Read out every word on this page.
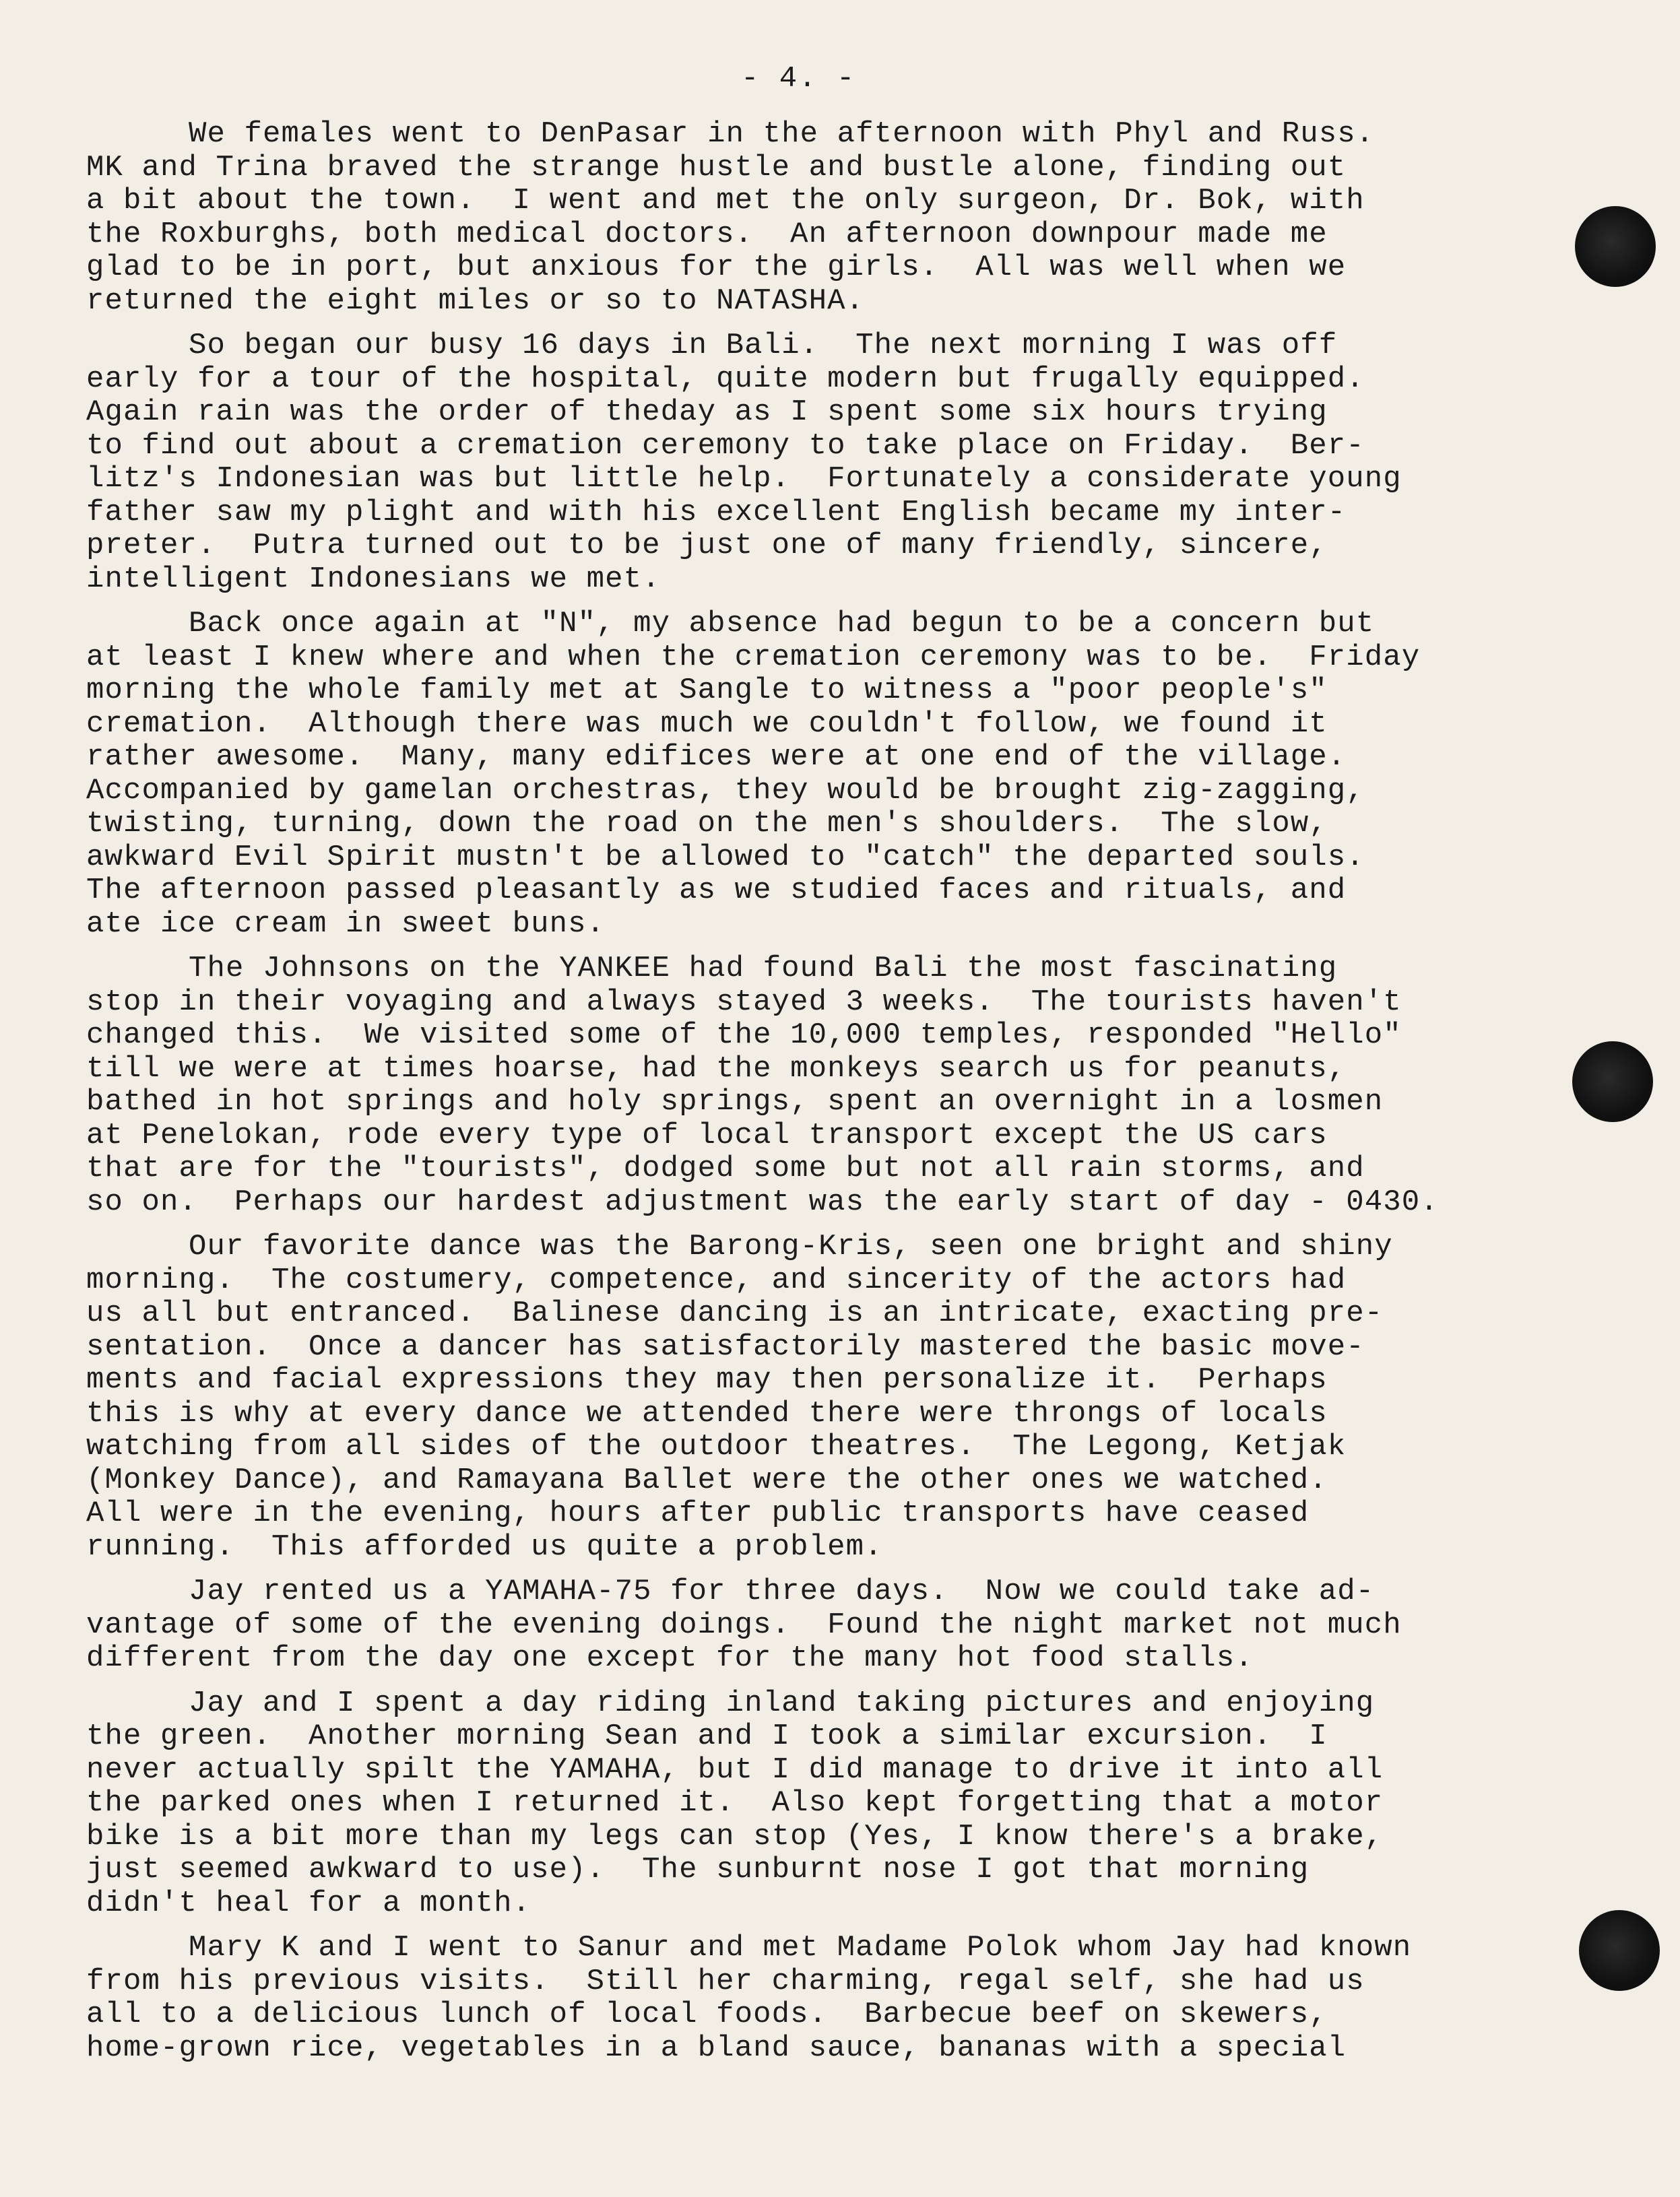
- 4. -
We females went to DenPasar in the afternoon with Phyl and Russ.
MK and Trina braved the strange hustle and bustle alone, finding out
a bit about the town.  I went and met the only surgeon, Dr. Bok, with
the Roxburghs, both medical doctors.  An afternoon downpour made me
glad to be in port, but anxious for the girls.  All was well when we
returned the eight miles or so to NATASHA.
So began our busy 16 days in Bali.  The next morning I was off
early for a tour of the hospital, quite modern but frugally equipped.
Again rain was the order of theday as I spent some six hours trying
to find out about a cremation ceremony to take place on Friday.  Ber-
litz's Indonesian was but little help.  Fortunately a considerate young
father saw my plight and with his excellent English became my inter-
preter.  Putra turned out to be just one of many friendly, sincere,
intelligent Indonesians we met.
Back once again at "N", my absence had begun to be a concern but
at least I knew where and when the cremation ceremony was to be.  Friday
morning the whole family met at Sangle to witness a "poor people's"
cremation.  Although there was much we couldn't follow, we found it
rather awesome.  Many, many edifices were at one end of the village.
Accompanied by gamelan orchestras, they would be brought zig-zagging,
twisting, turning, down the road on the men's shoulders.  The slow,
awkward Evil Spirit mustn't be allowed to "catch" the departed souls.
The afternoon passed pleasantly as we studied faces and rituals, and
ate ice cream in sweet buns.
The Johnsons on the YANKEE had found Bali the most fascinating
stop in their voyaging and always stayed 3 weeks.  The tourists haven't
changed this.  We visited some of the 10,000 temples, responded "Hello"
till we were at times hoarse, had the monkeys search us for peanuts,
bathed in hot springs and holy springs, spent an overnight in a losmen
at Penelokan, rode every type of local transport except the US cars
that are for the "tourists", dodged some but not all rain storms, and
so on.  Perhaps our hardest adjustment was the early start of day - 0430.
Our favorite dance was the Barong-Kris, seen one bright and shiny
morning.  The costumery, competence, and sincerity of the actors had
us all but entranced.  Balinese dancing is an intricate, exacting pre-
sentation.  Once a dancer has satisfactorily mastered the basic move-
ments and facial expressions they may then personalize it.  Perhaps
this is why at every dance we attended there were throngs of locals
watching from all sides of the outdoor theatres.  The Legong, Ketjak
(Monkey Dance), and Ramayana Ballet were the other ones we watched.
All were in the evening, hours after public transports have ceased
running.  This afforded us quite a problem.
Jay rented us a YAMAHA-75 for three days.  Now we could take ad-
vantage of some of the evening doings.  Found the night market not much
different from the day one except for the many hot food stalls.
Jay and I spent a day riding inland taking pictures and enjoying
the green.  Another morning Sean and I took a similar excursion.  I
never actually spilt the YAMAHA, but I did manage to drive it into all
the parked ones when I returned it.  Also kept forgetting that a motor
bike is a bit more than my legs can stop (Yes, I know there's a brake,
just seemed awkward to use).  The sunburnt nose I got that morning
didn't heal for a month.
Mary K and I went to Sanur and met Madame Polok whom Jay had known
from his previous visits.  Still her charming, regal self, she had us
all to a delicious lunch of local foods.  Barbecue beef on skewers,
home-grown rice, vegetables in a bland sauce, bananas with a special
